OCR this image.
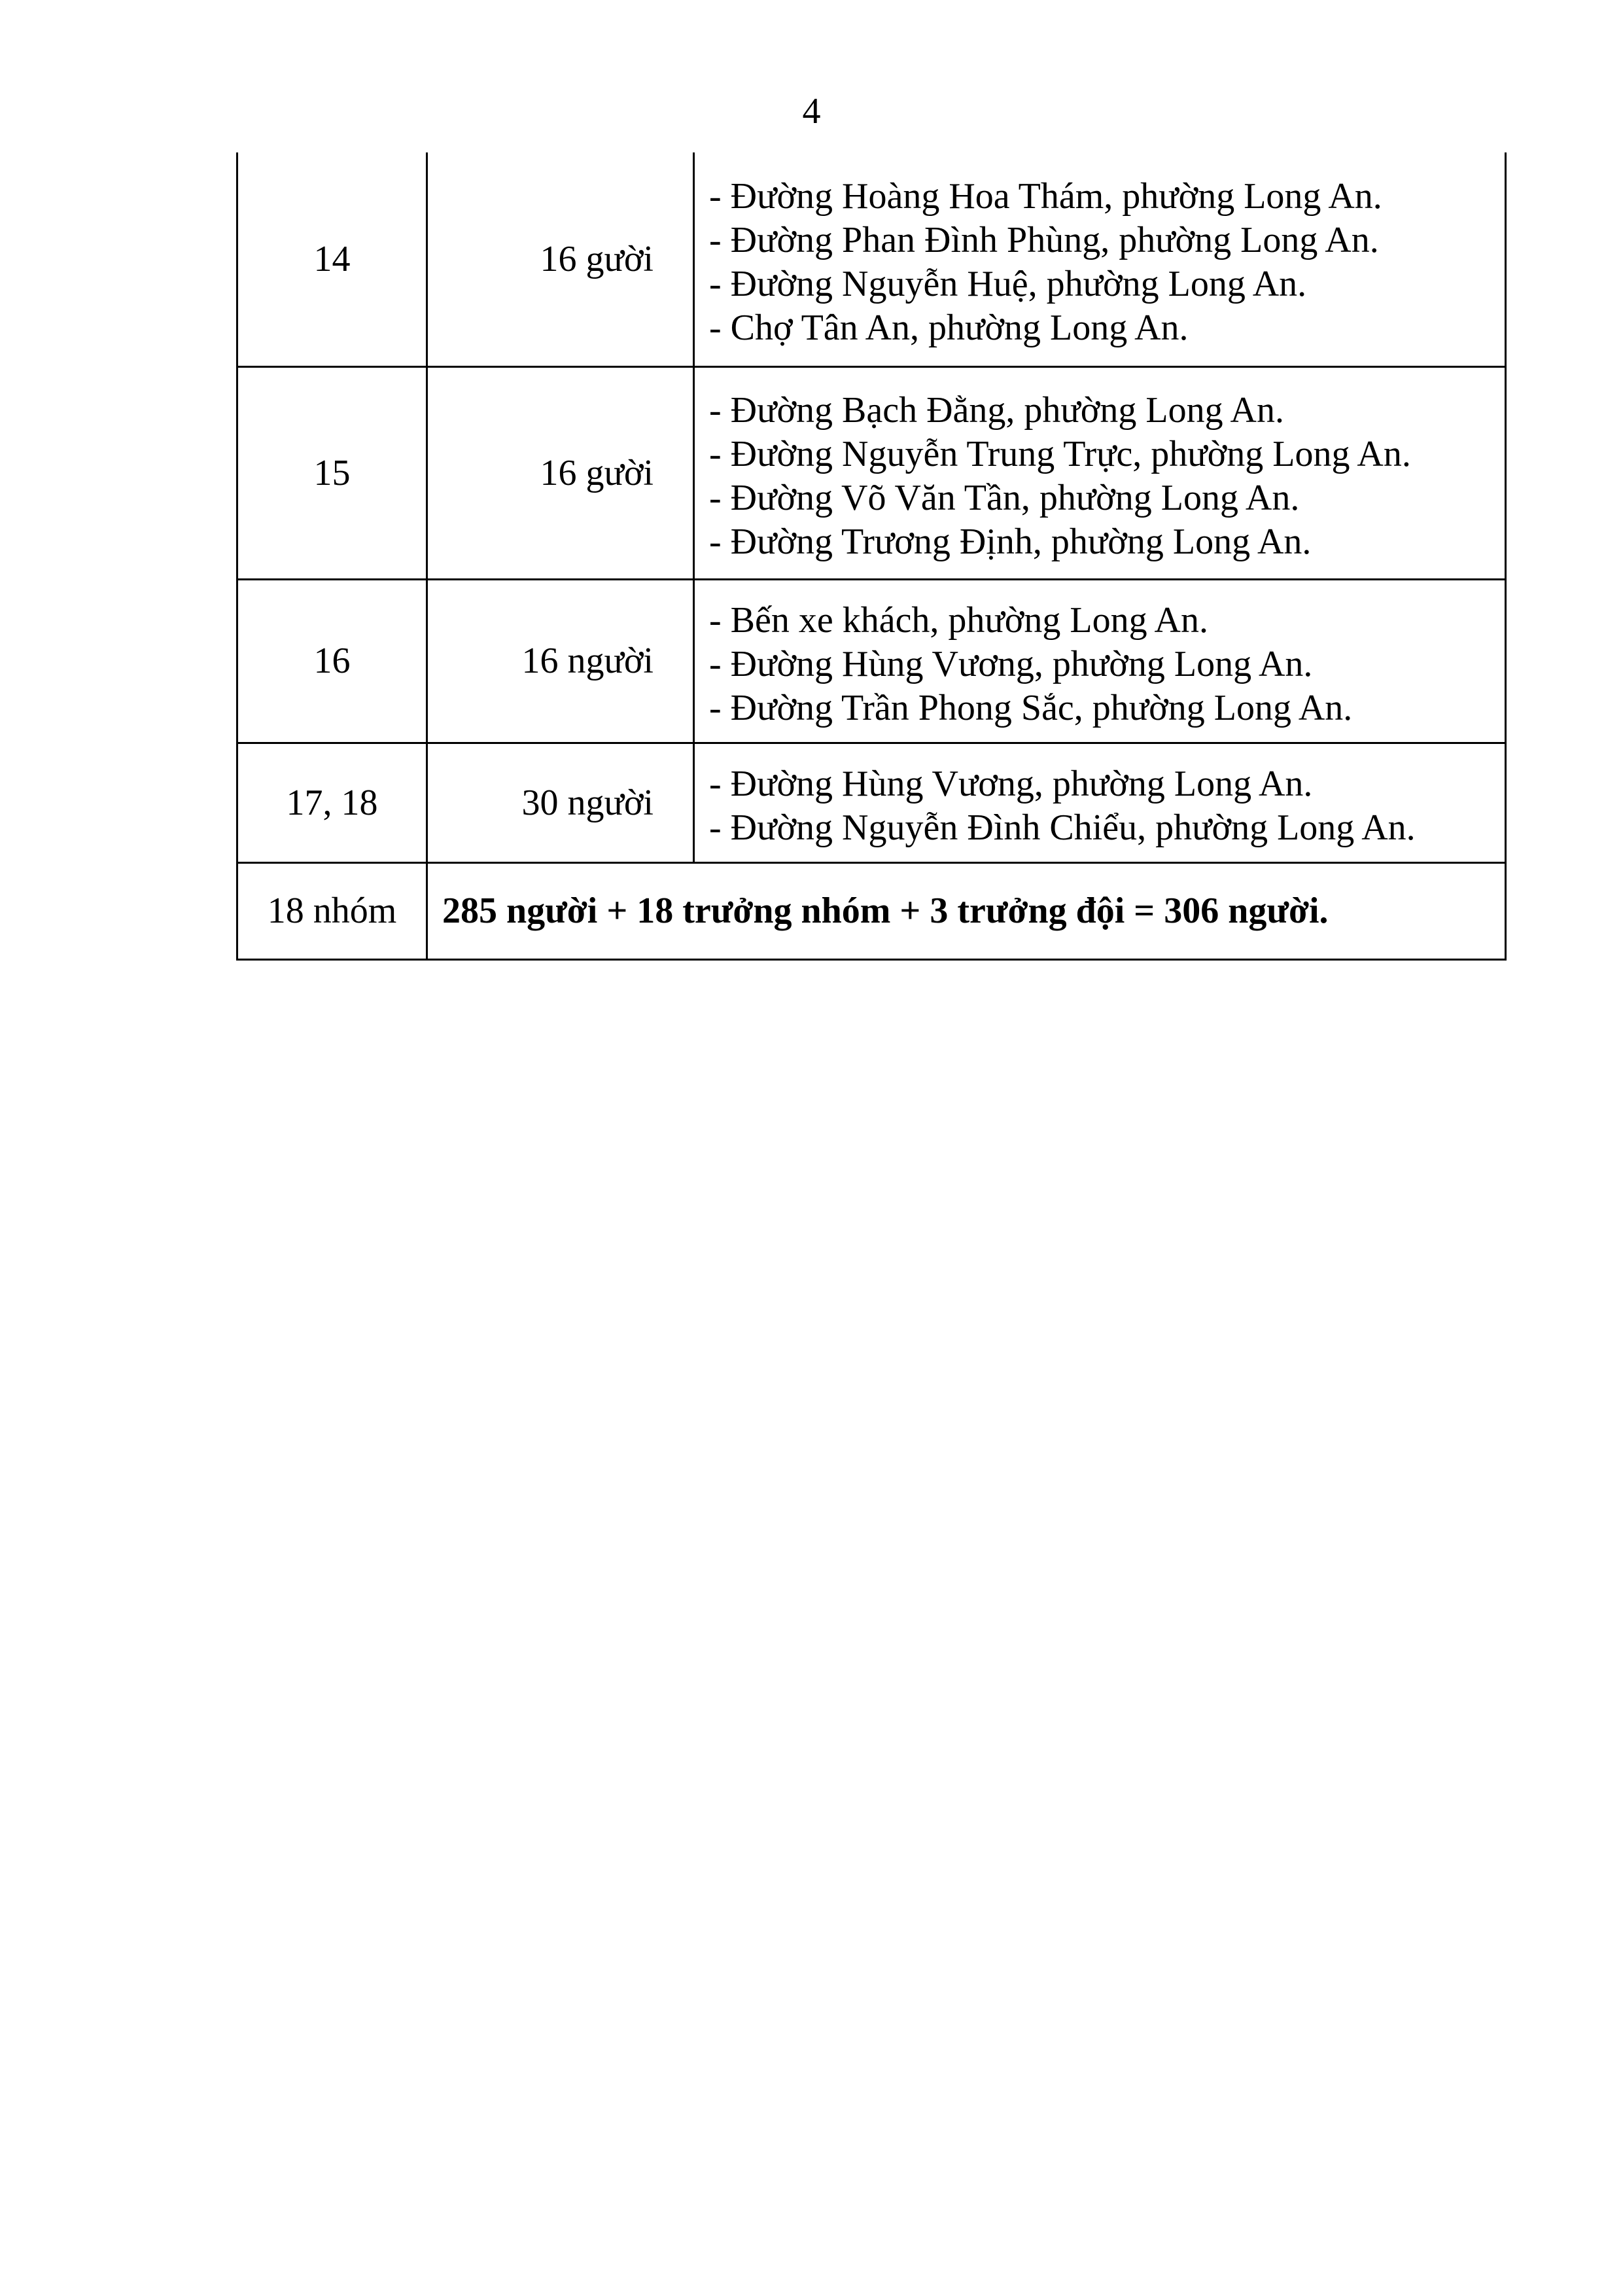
4
14	16 gười	- Đường Hoàng Hoa Thám, phường Long An.
- Đường Phan Đình Phùng, phường Long An.
- Đường Nguyễn Huệ, phường Long An.
- Chợ Tân An, phường Long An.

15	16 gười	- Đường Bạch Đằng, phường Long An.
- Đường Nguyễn Trung Trực, phường Long An.
- Đường Võ Văn Tần, phường Long An.
- Đường Trương Định, phường Long An.

16	16 người	- Bến xe khách, phường Long An.
- Đường Hùng Vương, phường Long An.
- Đường Trần Phong Sắc, phường Long An.

17, 18	30 người	- Đường Hùng Vương, phường Long An.
- Đường Nguyễn Đình Chiểu, phường Long An.

18 nhóm	285 người + 18 trưởng nhóm + 3 trưởng đội = 306 người.	
